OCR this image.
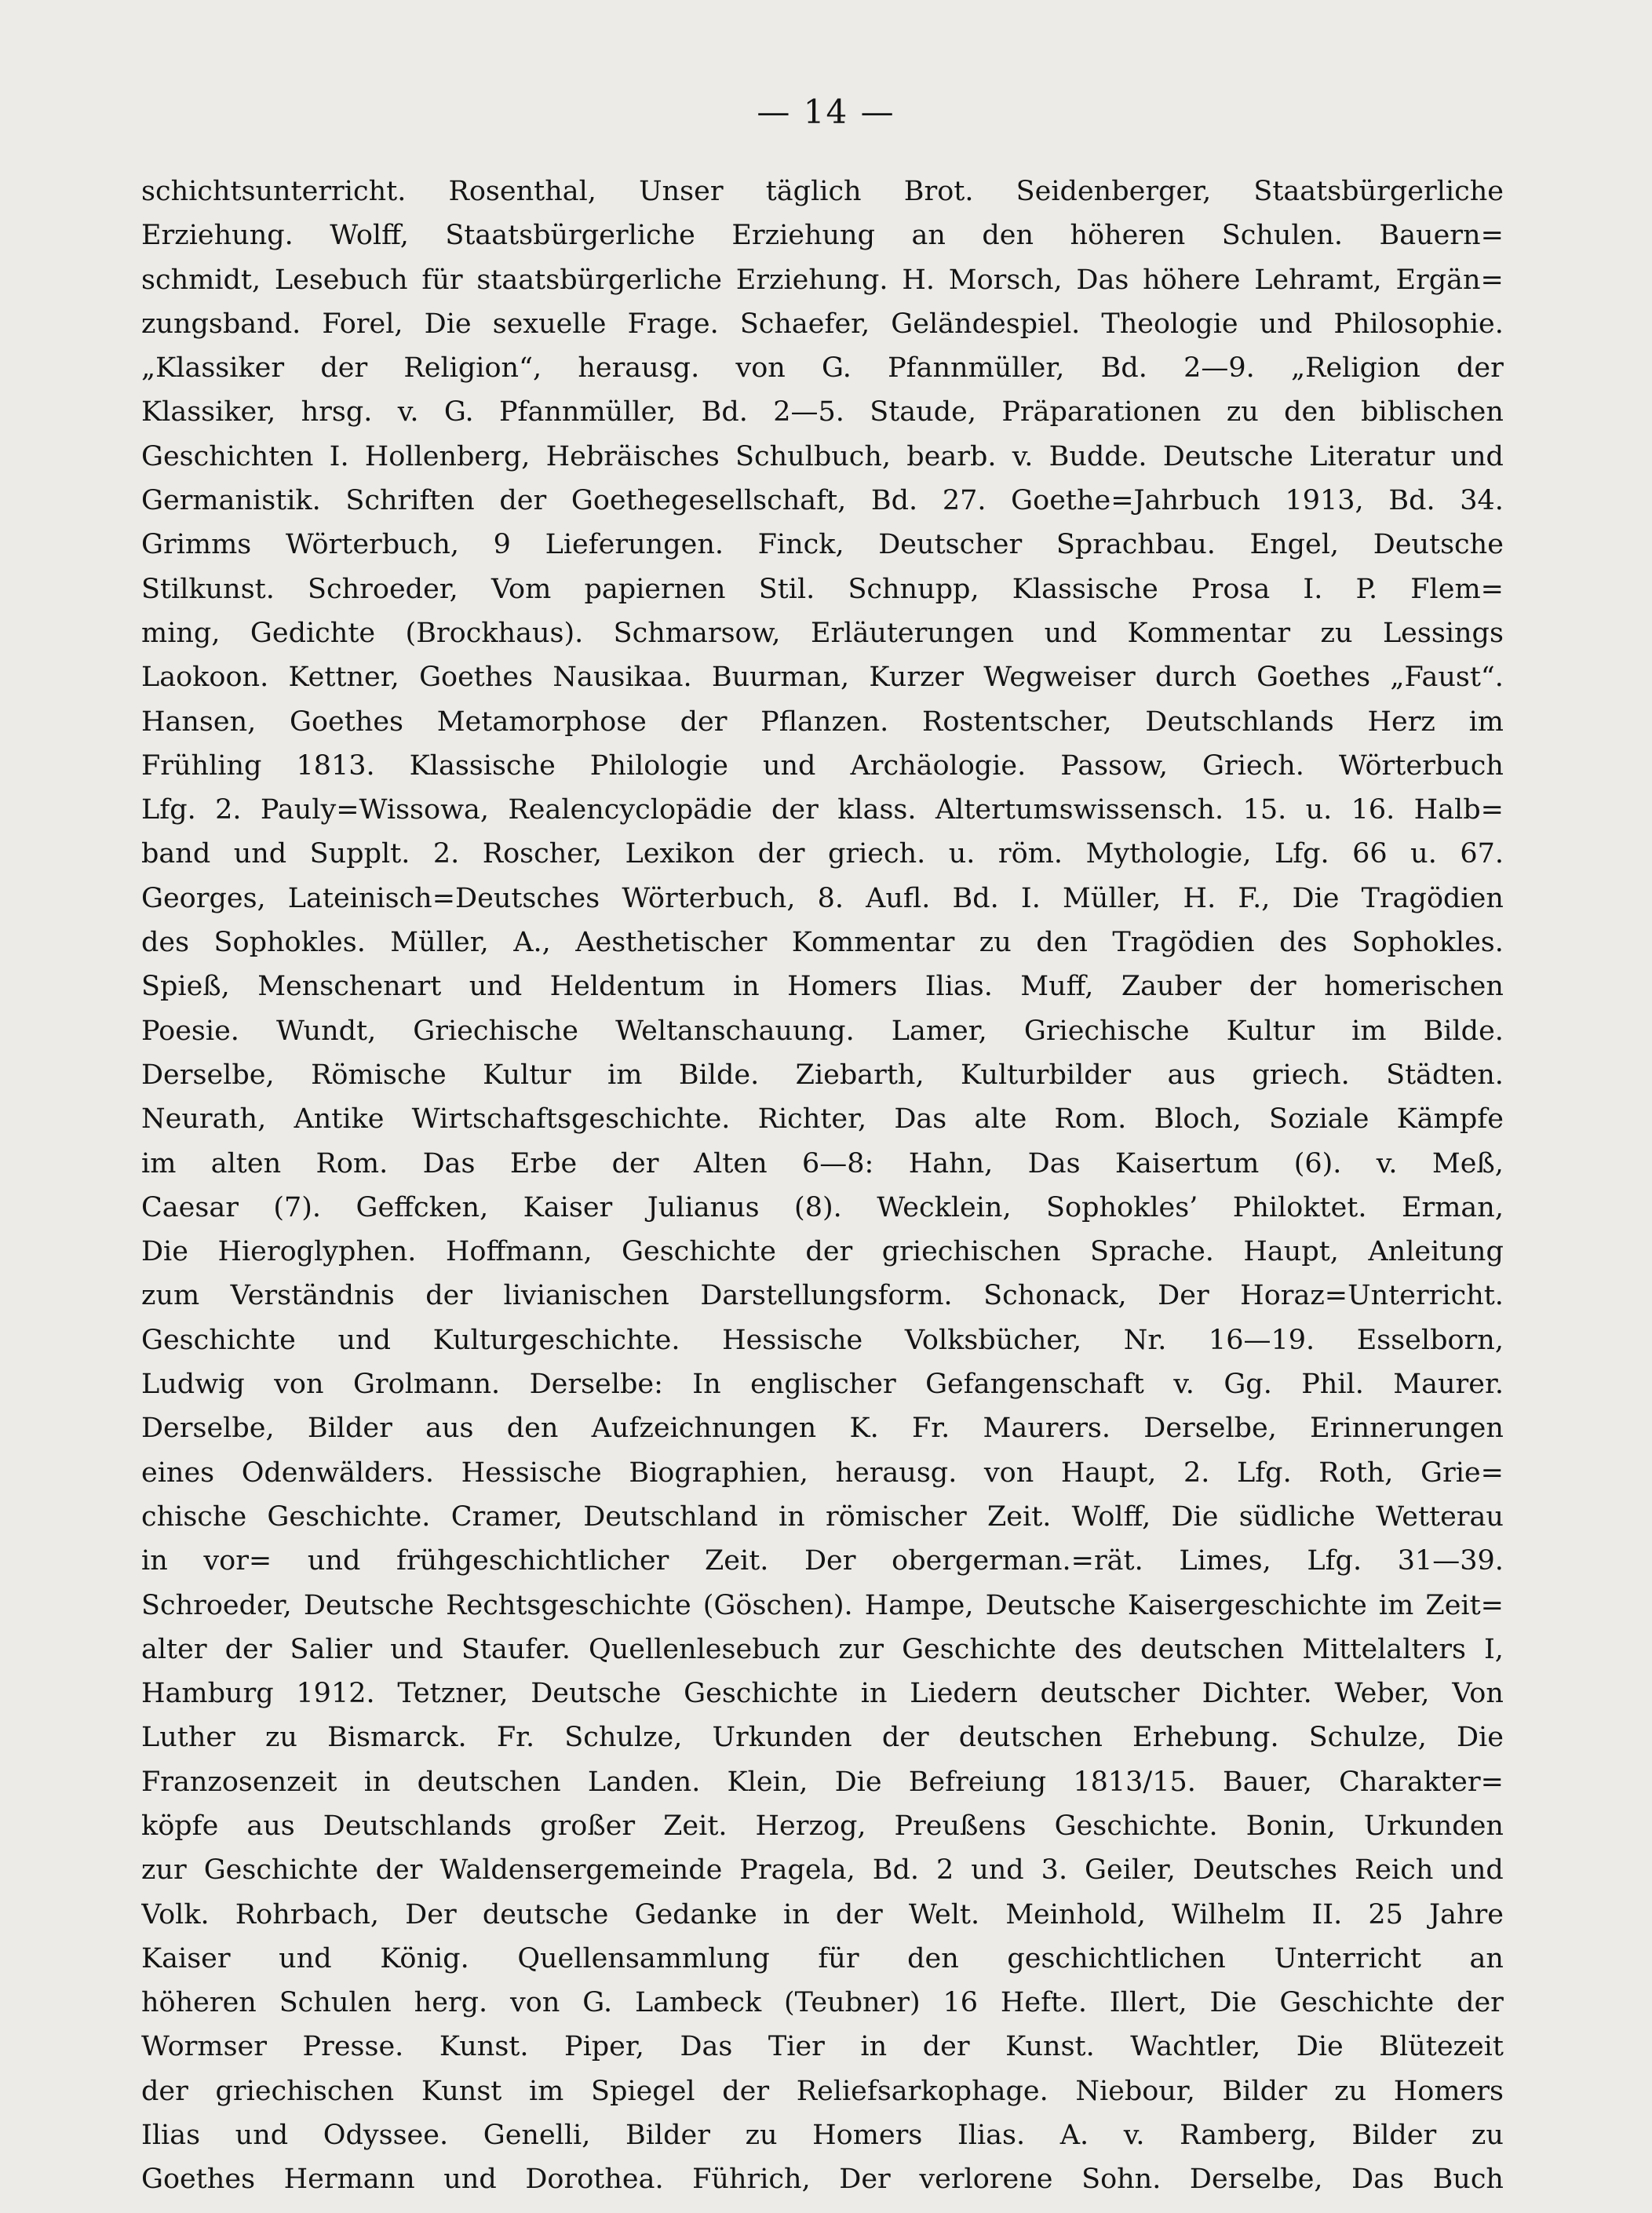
— 14 —
schichtsunterricht. Rosenthal, Unser täglich Brot. Seidenberger, Staatsbürgerliche
Erziehung. Wolff, Staatsbürgerliche Erziehung an den höheren Schulen. Bauern=
schmidt, Lesebuch für staatsbürgerliche Erziehung. H. Morsch, Das höhere Lehramt, Ergän=
zungsband. Forel, Die sexuelle Frage. Schaefer, Geländespiel. Theologie und Philosophie.
„Klassiker der Religion“, herausg. von G. Pfannmüller, Bd. 2—9. „Religion der
Klassiker, hrsg. v. G. Pfannmüller, Bd. 2—5. Staude, Präparationen zu den biblischen
Geschichten I. Hollenberg, Hebräisches Schulbuch, bearb. v. Budde. Deutsche Literatur und
Germanistik. Schriften der Goethegesellschaft, Bd. 27. Goethe=Jahrbuch 1913, Bd. 34.
Grimms Wörterbuch, 9 Lieferungen. Finck, Deutscher Sprachbau. Engel, Deutsche
Stilkunst. Schroeder, Vom papiernen Stil. Schnupp, Klassische Prosa I. P. Flem=
ming, Gedichte (Brockhaus). Schmarsow, Erläuterungen und Kommentar zu Lessings
Laokoon. Kettner, Goethes Nausikaa. Buurman, Kurzer Wegweiser durch Goethes „Faust“.
Hansen, Goethes Metamorphose der Pflanzen. Rostentscher, Deutschlands Herz im
Frühling 1813. Klassische Philologie und Archäologie. Passow, Griech. Wörterbuch
Lfg. 2. Pauly=Wissowa, Realencyclopädie der klass. Altertumswissensch. 15. u. 16. Halb=
band und Supplt. 2. Roscher, Lexikon der griech. u. röm. Mythologie, Lfg. 66 u. 67.
Georges, Lateinisch=Deutsches Wörterbuch, 8. Aufl. Bd. I. Müller, H. F., Die Tragödien
des Sophokles. Müller, A., Aesthetischer Kommentar zu den Tragödien des Sophokles.
Spieß, Menschenart und Heldentum in Homers Ilias. Muff, Zauber der homerischen
Poesie. Wundt, Griechische Weltanschauung. Lamer, Griechische Kultur im Bilde.
Derselbe, Römische Kultur im Bilde. Ziebarth, Kulturbilder aus griech. Städten.
Neurath, Antike Wirtschaftsgeschichte. Richter, Das alte Rom. Bloch, Soziale Kämpfe
im alten Rom. Das Erbe der Alten 6—8: Hahn, Das Kaisertum (6). v. Meß,
Caesar (7). Geffcken, Kaiser Julianus (8). Wecklein, Sophokles’ Philoktet. Erman,
Die Hieroglyphen. Hoffmann, Geschichte der griechischen Sprache. Haupt, Anleitung
zum Verständnis der livianischen Darstellungsform. Schonack, Der Horaz=Unterricht.
Geschichte und Kulturgeschichte. Hessische Volksbücher, Nr. 16—19. Esselborn,
Ludwig von Grolmann. Derselbe: In englischer Gefangenschaft v. Gg. Phil. Maurer.
Derselbe, Bilder aus den Aufzeichnungen K. Fr. Maurers. Derselbe, Erinnerungen
eines Odenwälders. Hessische Biographien, herausg. von Haupt, 2. Lfg. Roth, Grie=
chische Geschichte. Cramer, Deutschland in römischer Zeit. Wolff, Die südliche Wetterau
in vor= und frühgeschichtlicher Zeit. Der obergerman.=rät. Limes, Lfg. 31—39.
Schroeder, Deutsche Rechtsgeschichte (Göschen). Hampe, Deutsche Kaisergeschichte im Zeit=
alter der Salier und Staufer. Quellenlesebuch zur Geschichte des deutschen Mittelalters I,
Hamburg 1912. Tetzner, Deutsche Geschichte in Liedern deutscher Dichter. Weber, Von
Luther zu Bismarck. Fr. Schulze, Urkunden der deutschen Erhebung. Schulze, Die
Franzosenzeit in deutschen Landen. Klein, Die Befreiung 1813/15. Bauer, Charakter=
köpfe aus Deutschlands großer Zeit. Herzog, Preußens Geschichte. Bonin, Urkunden
zur Geschichte der Waldensergemeinde Pragela, Bd. 2 und 3. Geiler, Deutsches Reich und
Volk. Rohrbach, Der deutsche Gedanke in der Welt. Meinhold, Wilhelm II. 25 Jahre
Kaiser und König. Quellensammlung für den geschichtlichen Unterricht an
höheren Schulen herg. von G. Lambeck (Teubner) 16 Hefte. Illert, Die Geschichte der
Wormser Presse. Kunst. Piper, Das Tier in der Kunst. Wachtler, Die Blütezeit
der griechischen Kunst im Spiegel der Reliefsarkophage. Niebour, Bilder zu Homers
Ilias und Odyssee. Genelli, Bilder zu Homers Ilias. A. v. Ramberg, Bilder zu
Goethes Hermann und Dorothea. Führich, Der verlorene Sohn. Derselbe, Das Buch
